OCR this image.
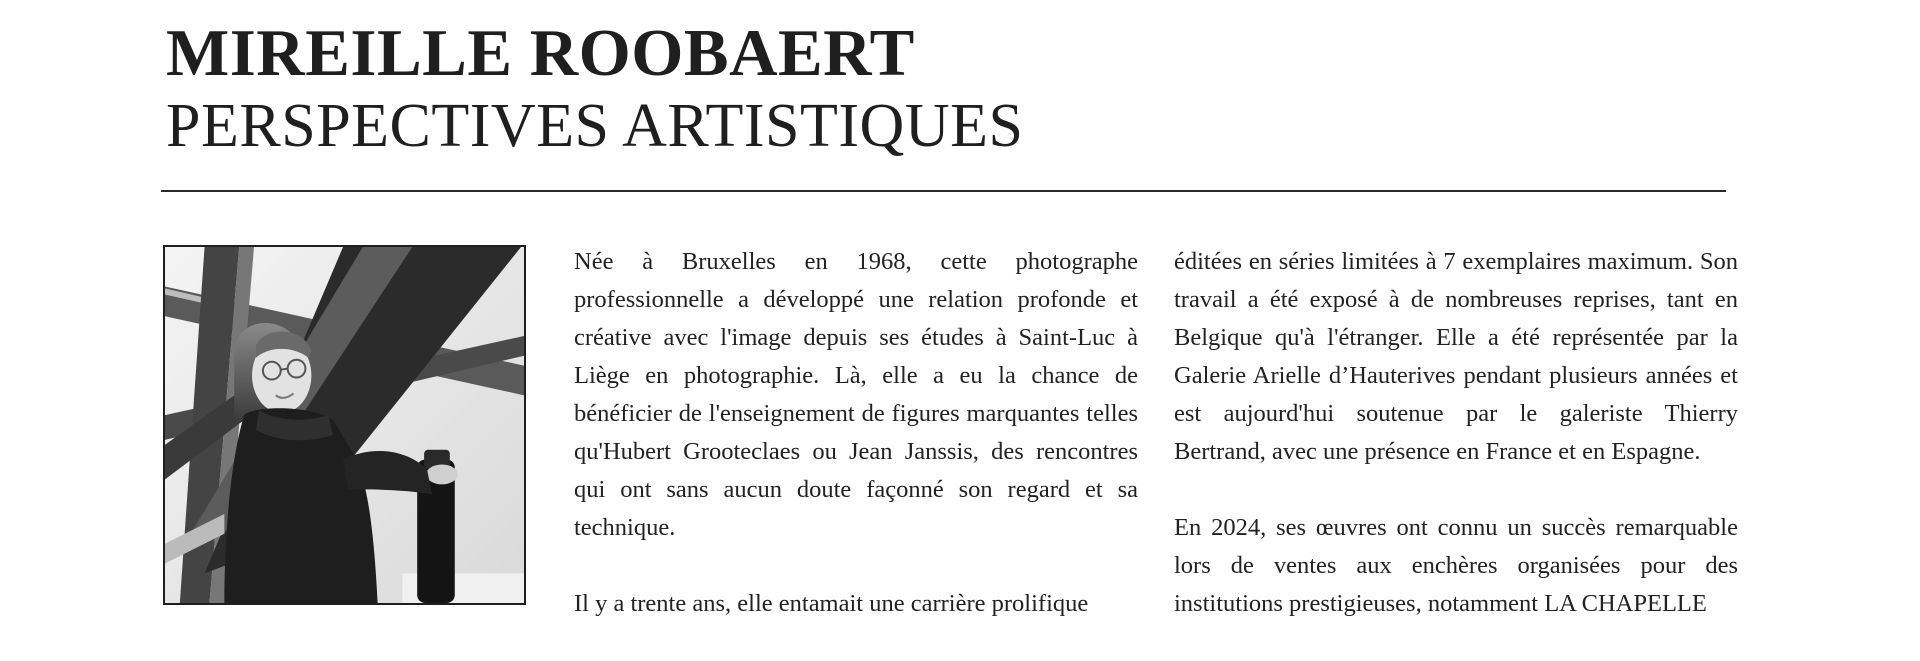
MIREILLE ROOBAERT
PERSPECTIVES ARTISTIQUES

Née à Bruxelles en 1968, cette photographe professionnelle a développé une relation profonde et créative avec l'image depuis ses études à Saint-Luc à Liège en photographie. Là, elle a eu la chance de bénéficier de l'enseignement de figures marquantes telles qu'Hubert Grooteclaes ou Jean Janssis, des rencontres qui ont sans aucun doute façonné son regard et sa technique.

Il y a trente ans, elle entamait une carrière prolifique

éditées en séries limitées à 7 exemplaires maximum. Son travail a été exposé à de nombreuses reprises, tant en Belgique qu'à l'étranger. Elle a été représentée par la Galerie Arielle d’Hauterives pendant plusieurs années et est aujourd'hui soutenue par le galeriste Thierry Bertrand, avec une présence en France et en Espagne.

En 2024, ses œuvres ont connu un succès remarquable lors de ventes aux enchères organisées pour des institutions prestigieuses, notamment LA CHAPELLE
